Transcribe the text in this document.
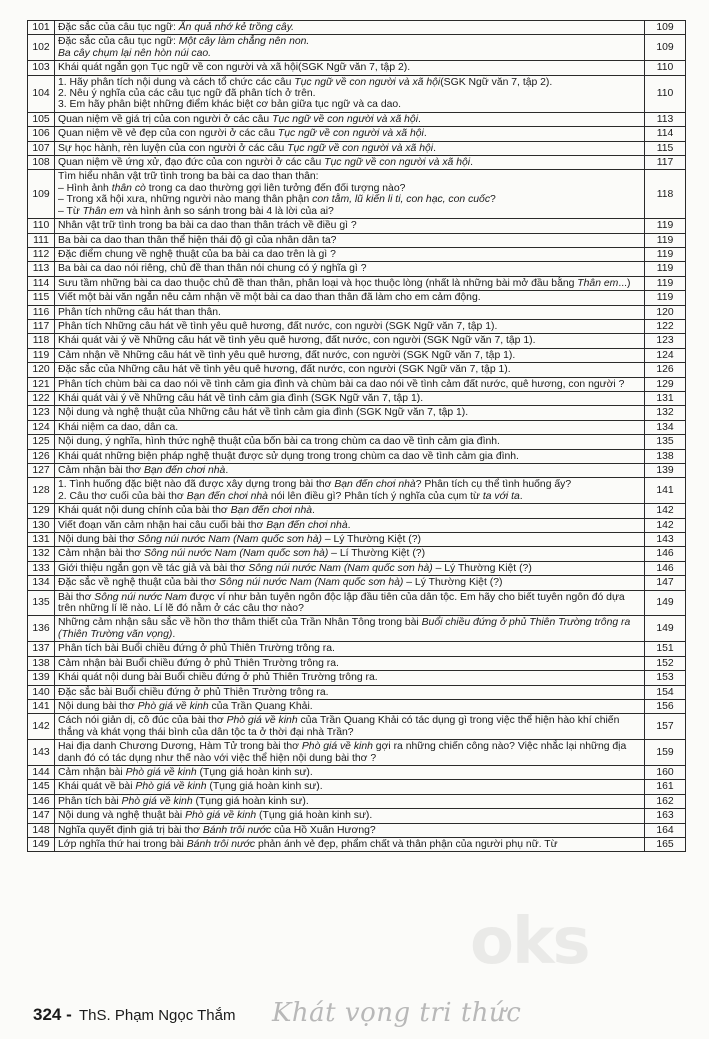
101	Đặc sắc của câu tục ngữ: Ăn quả nhớ kẻ trồng cây.	109
102	Đặc sắc của câu tục ngữ: Một cây làm chẳng nên non.
Ba cây chụm lại nên hòn núi cao.	109
103	Khái quát ngắn gọn Tục ngữ về con người và xã hội(SGK Ngữ văn 7, tập 2).	110
104	1. Hãy phân tích nội dung và cách tổ chức các câu Tục ngữ về con người và xã hội(SGK Ngữ văn 7, tập 2).
2. Nêu ý nghĩa của các câu tục ngữ đã phân tích ở trên.
3. Em hãy phân biệt những điểm khác biệt cơ bản giữa tục ngữ và ca dao.	110
105	Quan niệm về giá trị của con người ở các câu Tục ngữ về con người và xã hội.	113
106	Quan niệm về vẻ đẹp của con người ở các câu Tục ngữ về con người và xã hội.	114
107	Sự học hành, rèn luyện của con người ở các câu Tục ngữ về con người và xã hội.	115
108	Quan niệm về ứng xử, đạo đức của con người ở các câu Tục ngữ về con người và xã hội.	117
109	Tìm hiểu nhân vật trữ tình trong ba bài ca dao than thân:
– Hình ảnh thân cò trong ca dao thường gợi liên tưởng đến đối tượng nào?
– Trong xã hội xưa, những người nào mang thân phận con tằm, lũ kiến li ti, con hạc, con cuốc?
– Từ Thân em và hình ảnh so sánh trong bài 4 là lời của ai?	118
110	Nhân vật trữ tình trong ba bài ca dao than thân trách về điều gì ?	119
111	Ba bài ca dao than thân thể hiện thái độ gì của nhân dân ta?	119
112	Đặc điểm chung về nghệ thuật của ba bài ca dao trên là gì ?	119
113	Ba bài ca dao nói riêng, chủ đề than thân nói chung có ý nghĩa gì ?	119
114	Sưu tầm những bài ca dao thuộc chủ đề than thân, phân loại và học thuộc lòng (nhất là những bài mở đầu bằng Thân em...)	119
115	Viết một bài văn ngắn nêu cảm nhận về một bài ca dao than thân đã làm cho em cảm động.	119
116	Phân tích những câu hát than thân.	120
117	Phân tích Những câu hát về tình yêu quê hương, đất nước, con người (SGK Ngữ văn 7, tập 1).	122
118	Khái quát vài ý về Những câu hát về tình yêu quê hương, đất nước, con người (SGK Ngữ văn 7, tập 1).	123
119	Cảm nhận về Những câu hát về tình yêu quê hương, đất nước, con người (SGK Ngữ văn 7, tập 1).	124
120	Đặc sắc của Những câu hát về tình yêu quê hương, đất nước, con người (SGK Ngữ văn 7, tập 1).	126
121	Phân tích chùm bài ca dao nói về tình cảm gia đình và chùm bài ca dao nói về tình cảm đất nước, quê hương, con người ?	129
122	Khái quát vài ý về Những câu hát về tình cảm gia đình (SGK Ngữ văn 7, tập 1).	131
123	Nội dung và nghệ thuật của Những câu hát về tình cảm gia đình (SGK Ngữ văn 7, tập 1).	132
124	Khái niệm ca dao, dân ca.	134
125	Nội dung, ý nghĩa, hình thức nghệ thuật của bốn bài ca trong chùm ca dao về tình cảm gia đình.	135
126	Khái quát những biện pháp nghệ thuật được sử dụng trong trong chùm ca dao về tình cảm gia đình.	138
127	Cảm nhận bài thơ Bạn đến chơi nhà.	139
128	1. Tình huống đặc biệt nào đã được xây dựng trong bài thơ Bạn đến chơi nhà? Phân tích cụ thể tình huống ấy?
2. Câu thơ cuối của bài thơ Bạn đến chơi nhà nói lên điều gì? Phân tích ý nghĩa của cụm từ ta với ta.	141
129	Khái quát nội dung chính của bài thơ Bạn đến chơi nhà.	142
130	Viết đoạn văn cảm nhận hai câu cuối bài thơ Bạn đến chơi nhà.	142
131	Nội dung bài thơ Sông núi nước Nam (Nam quốc sơn hà) – Lý Thường Kiệt (?)	143
132	Cảm nhận bài thơ Sông núi nước Nam (Nam quốc sơn hà) – Lí Thường Kiệt (?)	146
133	Giới thiệu ngắn gọn về tác giả và bài thơ Sông núi nước Nam (Nam quốc sơn hà) – Lý Thường Kiệt (?)	146
134	Đặc sắc về nghệ thuật của bài thơ Sông núi nước Nam (Nam quốc sơn hà) – Lý Thường Kiệt (?)	147
135	Bài thơ Sông núi nước Nam được ví như bản tuyên ngôn độc lập đầu tiên của dân tộc. Em hãy cho biết tuyên ngôn đó dựa trên những lí lẽ nào. Lí lẽ đó nằm ở các câu thơ nào?	149
136	Những cảm nhận sâu sắc về hồn thơ thâm thiết của Trần Nhân Tông trong bài Buổi chiều đứng ở phủ Thiên Trường trông ra (Thiên Trường vãn vọng).	149
137	Phân tích bài Buổi chiều đứng ở phủ Thiên Trường trông ra.	151
138	Cảm nhận bài Buổi chiều đứng ở phủ Thiên Trường trông ra.	152
139	Khái quát nội dung bài Buổi chiều đứng ở phủ Thiên Trường trông ra.	153
140	Đặc sắc bài Buổi chiều đứng ở phủ Thiên Trường trông ra.	154
141	Nội dung bài thơ Phò giá về kinh của Trần Quang Khải.	156
142	Cách nói giản dị, cô đúc của bài thơ Phò giá về kinh của Trần Quang Khải có tác dụng gì trong việc thể hiện hào khí chiến thắng và khát vọng thái bình của dân tộc ta ở thời đại nhà Trần?	157
143	Hai địa danh Chương Dương, Hàm Tử trong bài thơ Phò giá về kinh gợi ra những chiến công nào? Việc nhắc lại những địa danh đó có tác dụng như thế nào với việc thể hiện nội dung bài thơ ?	159
144	Cảm nhận bài Phò giá về kinh (Tụng giá hoàn kinh sư).	160
145	Khái quát về bài Phò giá về kinh (Tụng giá hoàn kinh sư).	161
146	Phân tích bài Phò giá về kinh (Tụng giá hoàn kinh sư).	162
147	Nội dung và nghệ thuật bài Phò giá về kinh (Tụng giá hoàn kinh sư).	163
148	Nghĩa quyết định giá trị bài thơ Bánh trôi nước của Hồ Xuân Hương?	164
149	Lớp nghĩa thứ hai trong bài Bánh trôi nước phản ánh vẻ đẹp, phẩm chất và thân phận của người phụ nữ. Từ	165
oks
324 - ThS. Phạm Ngọc Thắm Khát vọng tri thức
